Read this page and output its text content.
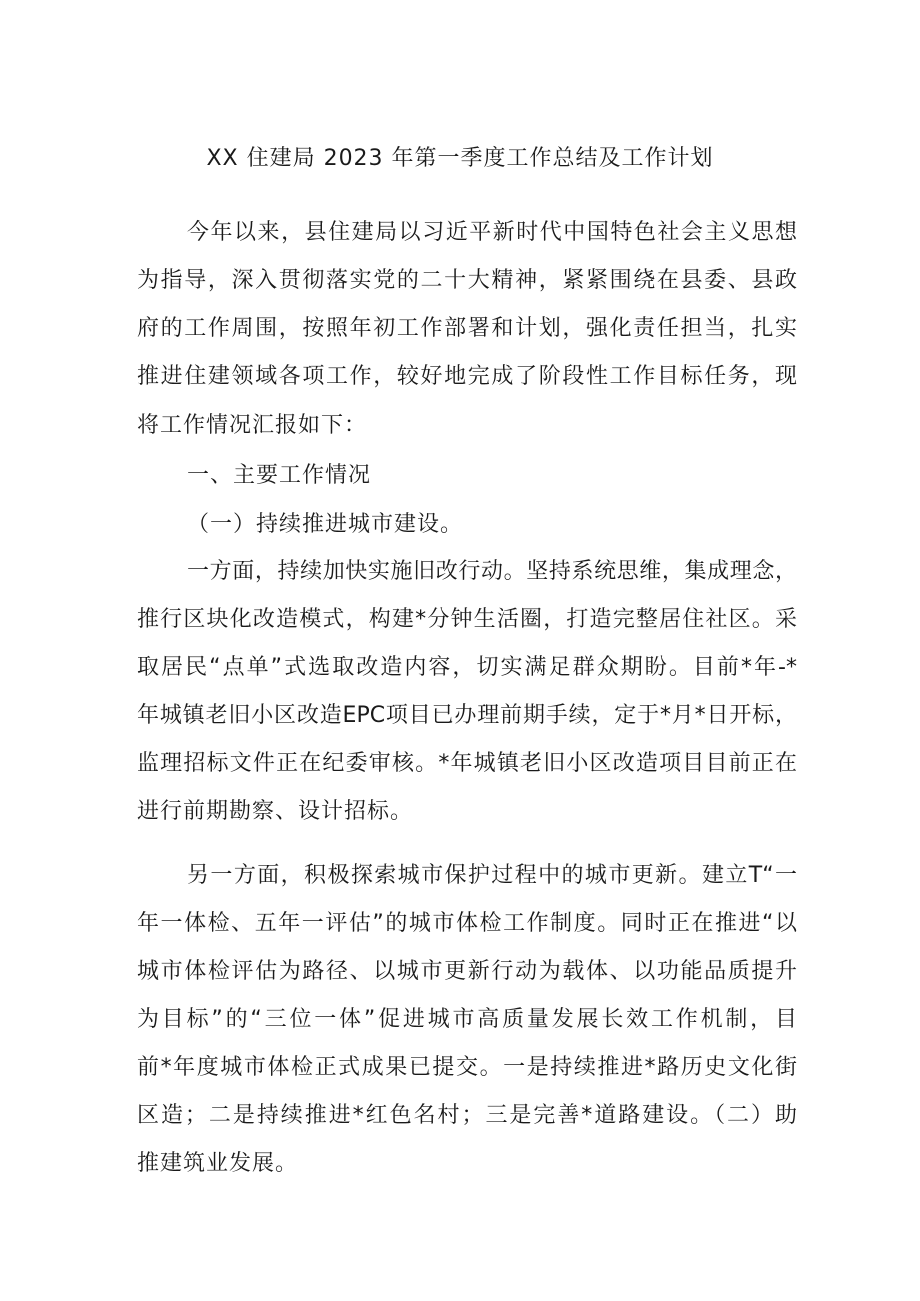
XX 住建局 2023 年第一季度工作总结及工作计划
今年以来，县住建局以习近平新时代中国特色社会主义思想
为指导，深入贯彻落实党的二十大精神，紧紧围绕在县委、县政
府的工作周围，按照年初工作部署和计划，强化责任担当，扎实
推进住建领域各项工作，较好地完成了阶段性工作目标任务，现
将工作情况汇报如下：
一、主要工作情况
（一）持续推进城市建设。
一方面，持续加快实施旧改行动。坚持系统思维，集成理念，
推行区块化改造模式，构建*分钟生活圈，打造完整居住社区。采
取居民“点单”式选取改造内容，切实满足群众期盼。目前*年-*
年城镇老旧小区改造EPC项目已办理前期手续，定于*月*日开标，
监理招标文件正在纪委审核。*年城镇老旧小区改造项目目前正在
进行前期勘察、设计招标。
另一方面，积极探索城市保护过程中的城市更新。建立T“一
年一体检、五年一评估”的城市体检工作制度。同时正在推进“以
城市体检评估为路径、以城市更新行动为载体、以功能品质提升
为目标”的“三位一体”促进城市高质量发展长效工作机制，目
前*年度城市体检正式成果已提交。一是持续推进*路历史文化街
区造；二是持续推进*红色名村；三是完善*道路建设。（二）助
推建筑业发展。
